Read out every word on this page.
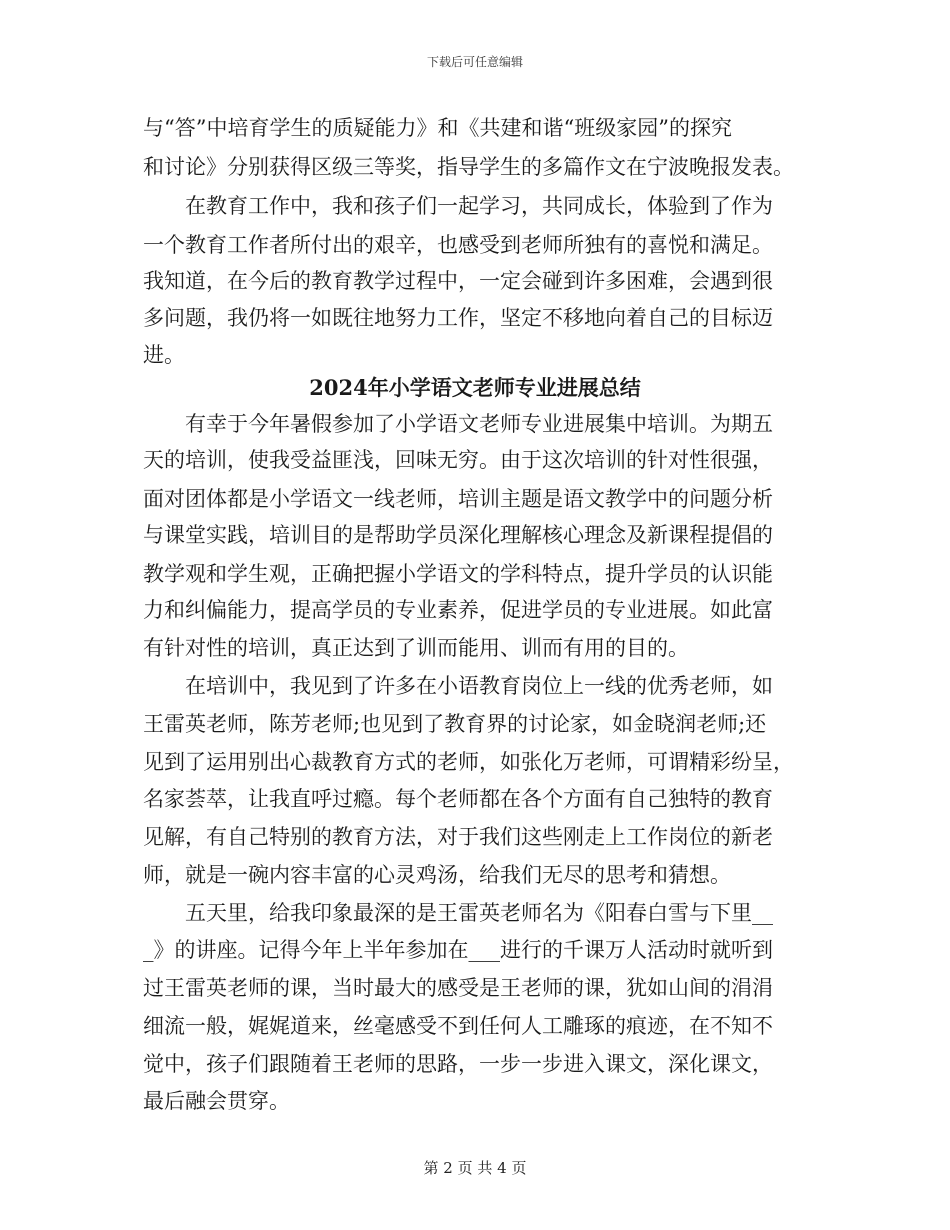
下载后可任意编辑
与“答”中培育学生的质疑能力》和《共建和谐“班级家园”的探究
和讨论》分别获得区级三等奖，指导学生的多篇作文在宁波晚报发表。
　　在教育工作中，我和孩子们一起学习，共同成长，体验到了作为
一个教育工作者所付出的艰辛，也感受到老师所独有的喜悦和满足。
我知道，在今后的教育教学过程中，一定会碰到许多困难，会遇到很
多问题，我仍将一如既往地努力工作，坚定不移地向着自己的目标迈
进。
2024年小学语文老师专业进展总结
　　有幸于今年暑假参加了小学语文老师专业进展集中培训。为期五
天的培训，使我受益匪浅，回味无穷。由于这次培训的针对性很强，
面对团体都是小学语文一线老师，培训主题是语文教学中的问题分析
与课堂实践，培训目的是帮助学员深化理解核心理念及新课程提倡的
教学观和学生观，正确把握小学语文的学科特点，提升学员的认识能
力和纠偏能力，提高学员的专业素养，促进学员的专业进展。如此富
有针对性的培训，真正达到了训而能用、训而有用的目的。
　　在培训中，我见到了许多在小语教育岗位上一线的优秀老师，如
王雷英老师，陈芳老师;也见到了教育界的讨论家，如金晓润老师;还
见到了运用别出心裁教育方式的老师，如张化万老师，可谓精彩纷呈，
名家荟萃，让我直呼过瘾。每个老师都在各个方面有自己独特的教育
见解，有自己特别的教育方法，对于我们这些刚走上工作岗位的新老
师，就是一碗内容丰富的心灵鸡汤，给我们无尽的思考和猜想。
　　五天里，给我印象最深的是王雷英老师名为《阳春白雪与下里__
_》的讲座。记得今年上半年参加在___进行的千课万人活动时就听到
过王雷英老师的课，当时最大的感受是王老师的课，犹如山间的涓涓
细流一般，娓娓道来，丝毫感受不到任何人工雕琢的痕迹，在不知不
觉中，孩子们跟随着王老师的思路，一步一步进入课文，深化课文，
最后融会贯穿。
第 2 页 共 4 页
